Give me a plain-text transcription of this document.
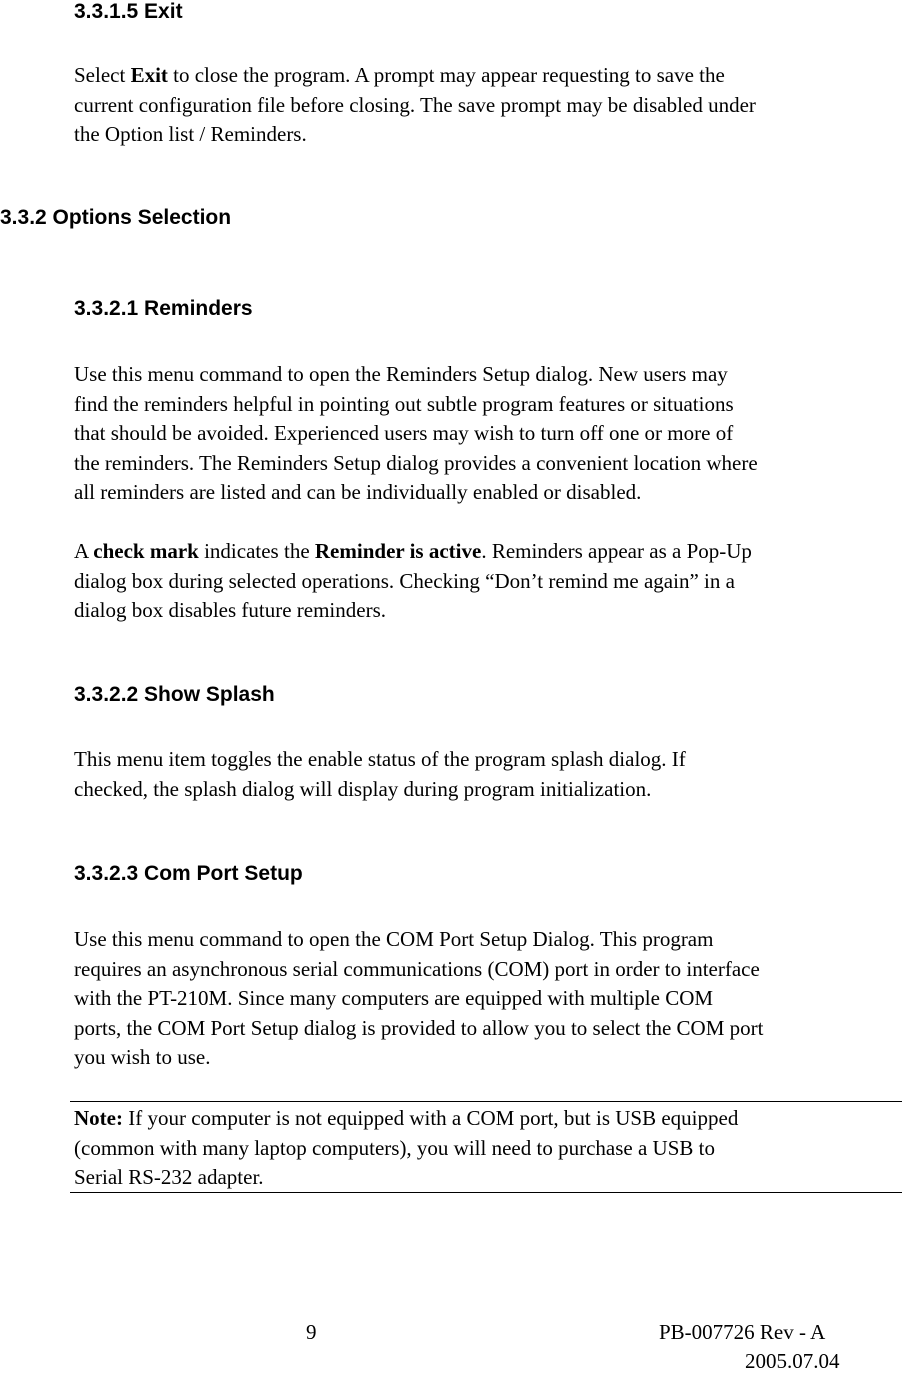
3.3.1.5 Exit
Select Exit to close the program. A prompt may appear requesting to save the
current configuration file before closing. The save prompt may be disabled under
the Option list / Reminders.
3.3.2 Options Selection
3.3.2.1 Reminders
Use this menu command to open the Reminders Setup dialog. New users may
find the reminders helpful in pointing out subtle program features or situations
that should be avoided. Experienced users may wish to turn off one or more of
the reminders. The Reminders Setup dialog provides a convenient location where
all reminders are listed and can be individually enabled or disabled.
A check mark indicates the Reminder is active. Reminders appear as a Pop-Up
dialog box during selected operations. Checking “Don’t remind me again” in a
dialog box disables future reminders.
3.3.2.2 Show Splash
This menu item toggles the enable status of the program splash dialog. If
checked, the splash dialog will display during program initialization.
3.3.2.3 Com Port Setup
Use this menu command to open the COM Port Setup Dialog. This program
requires an asynchronous serial communications (COM) port in order to interface
with the PT-210M. Since many computers are equipped with multiple COM
ports, the COM Port Setup dialog is provided to allow you to select the COM port
you wish to use.
Note: If your computer is not equipped with a COM port, but is USB equipped
(common with many laptop computers), you will need to purchase a USB to
Serial RS-232 adapter.
9	PB-007726 Rev - A
2005.07.04
